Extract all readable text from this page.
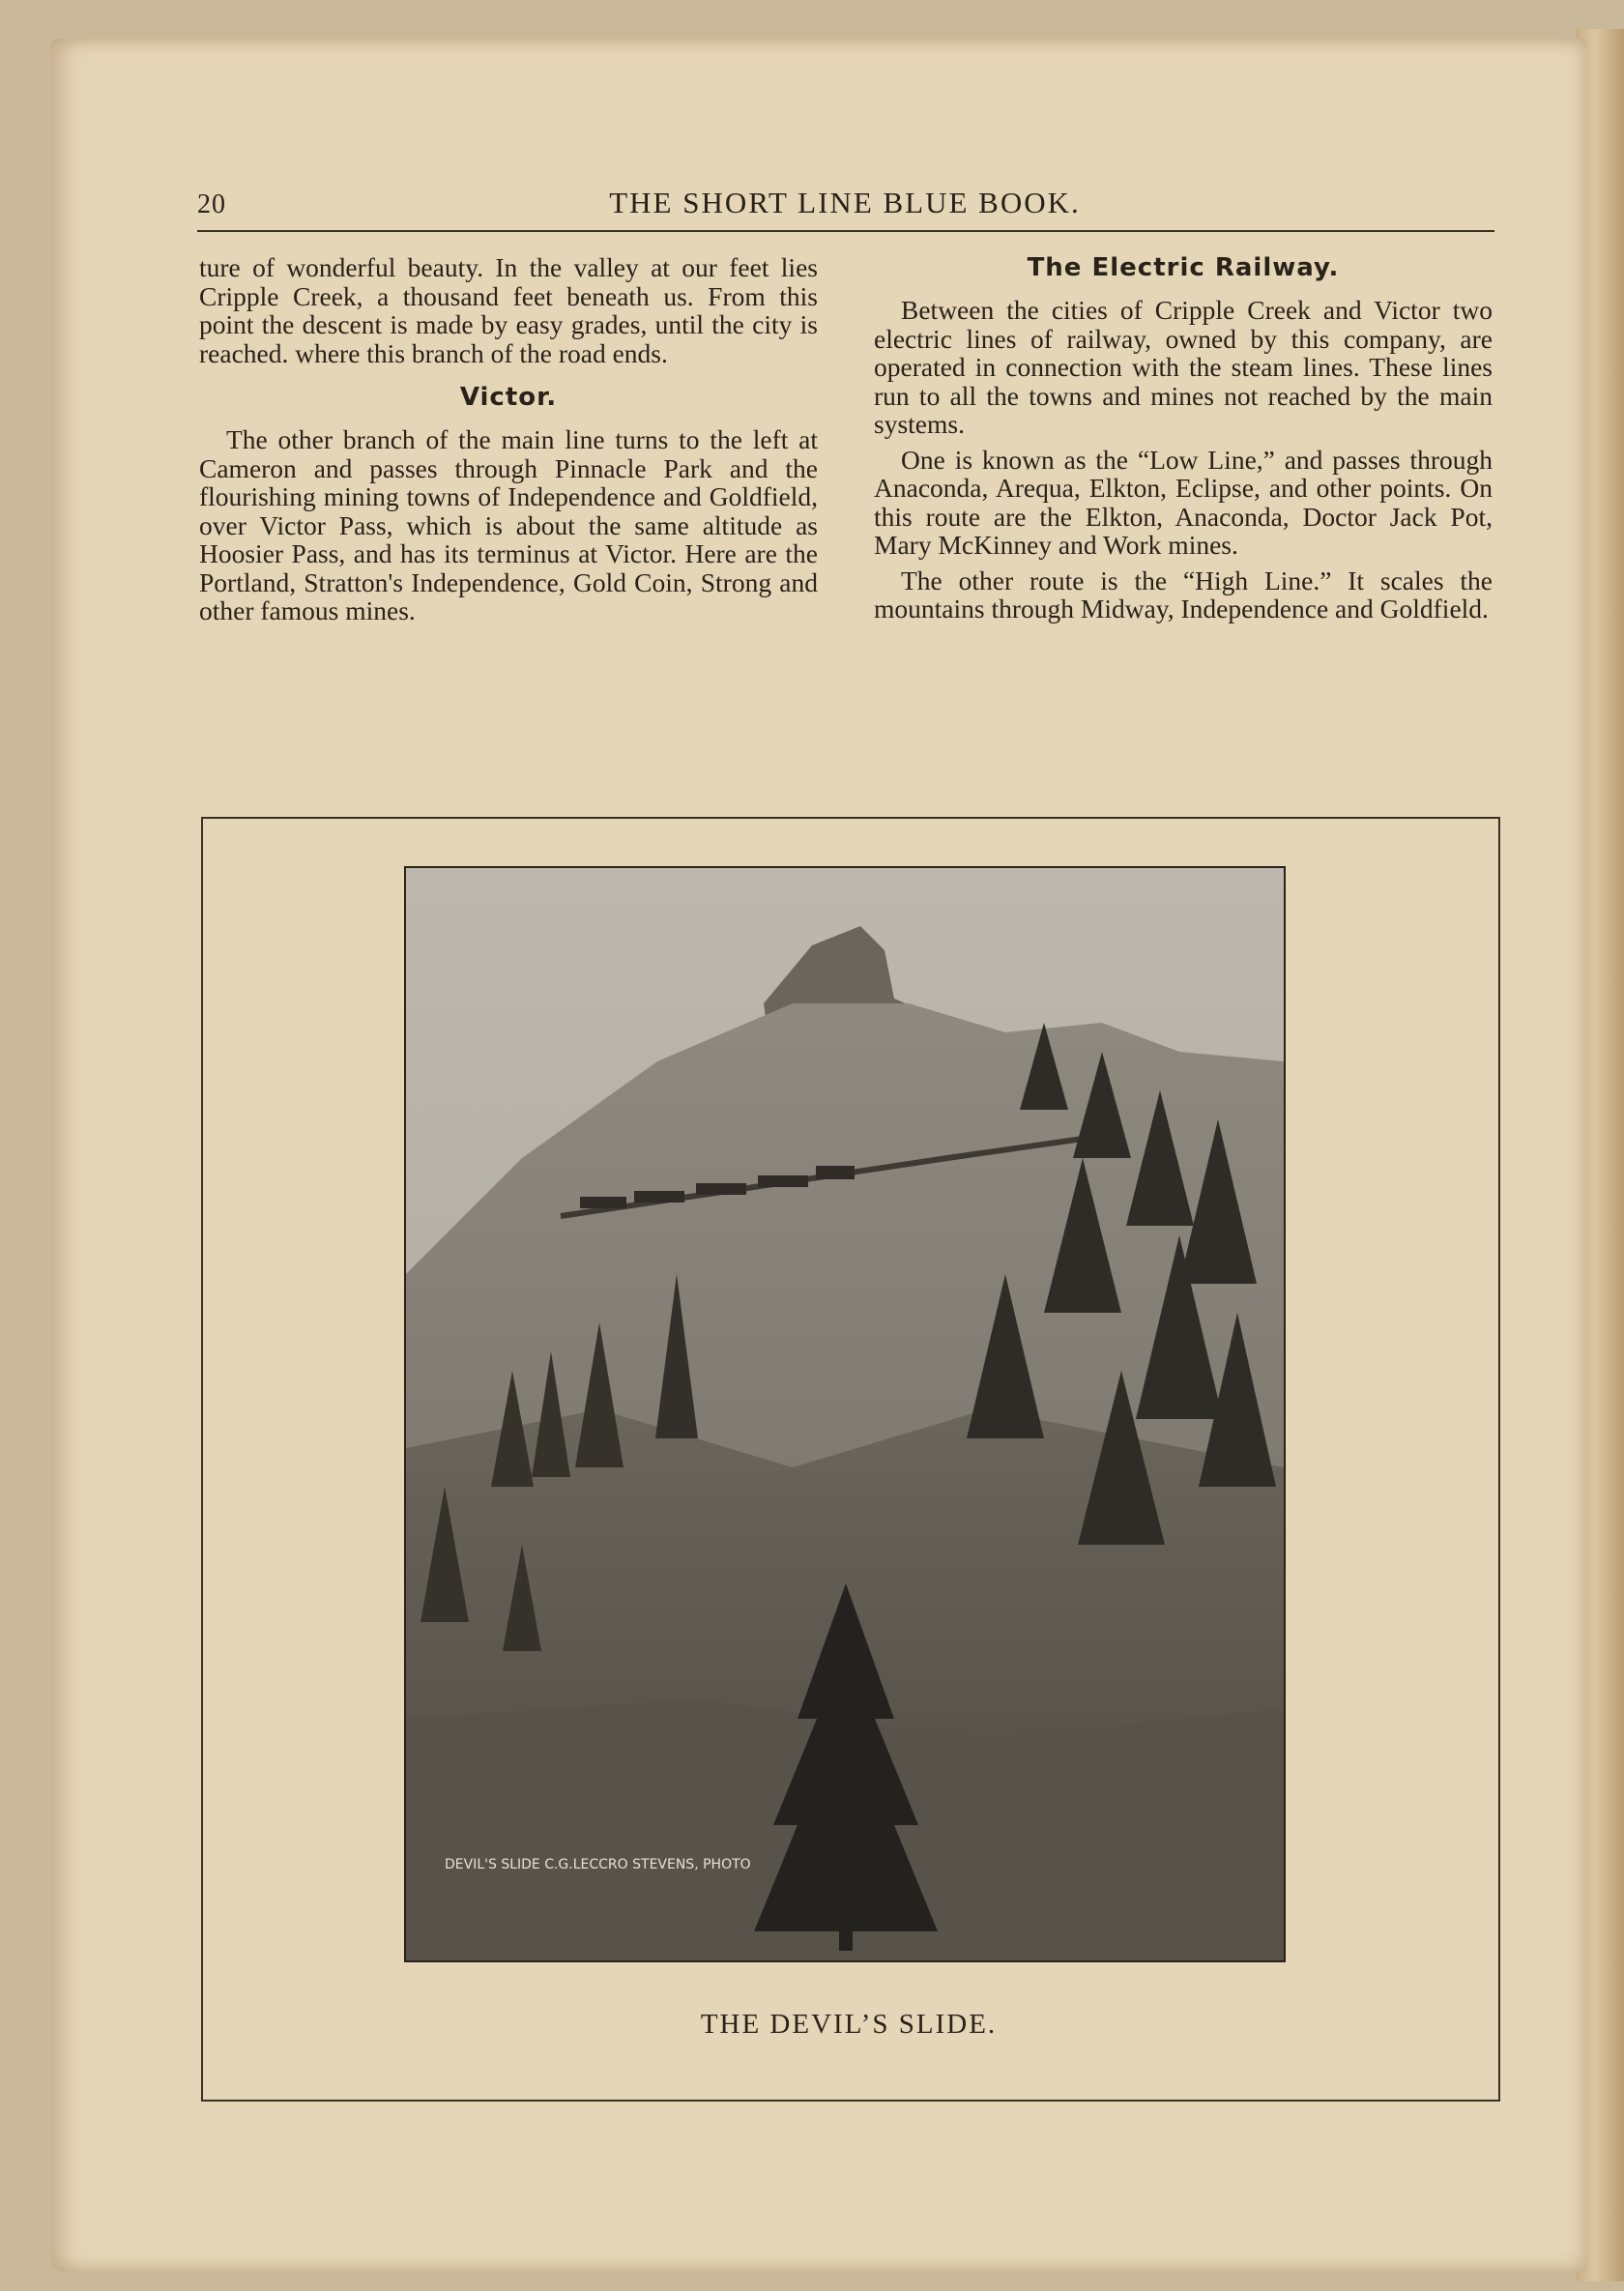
20	THE SHORT LINE BLUE BOOK.

ture of wonderful beauty. In the valley at our feet lies Cripple Creek, a thousand feet beneath us. From this point the descent is made by easy grades, until the city is reached. where this branch of the road ends.

Victor.

The other branch of the main line turns to the left at Cameron and passes through Pinnacle Park and the flourishing mining towns of Independence and Goldfield, over Victor Pass, which is about the same altitude as Hoosier Pass, and has its terminus at Victor. Here are the Portland, Stratton's Independence, Gold Coin, Strong and other famous mines.

The Electric Railway.

Between the cities of Cripple Creek and Victor two electric lines of railway, owned by this company, are operated in connection with the steam lines. These lines run to all the towns and mines not reached by the main systems.

One is known as the “Low Line,” and passes through Anaconda, Arequa, Elkton, Eclipse, and other points. On this route are the Elkton, Anaconda, Doctor Jack Pot, Mary McKinney and Work mines.

The other route is the “High Line.” It scales the mountains through Midway, Independence and Goldfield.

DEVIL'S SLIDE C.G.LECCRO STEVENS, PHOTO
THE DEVIL’S SLIDE.
